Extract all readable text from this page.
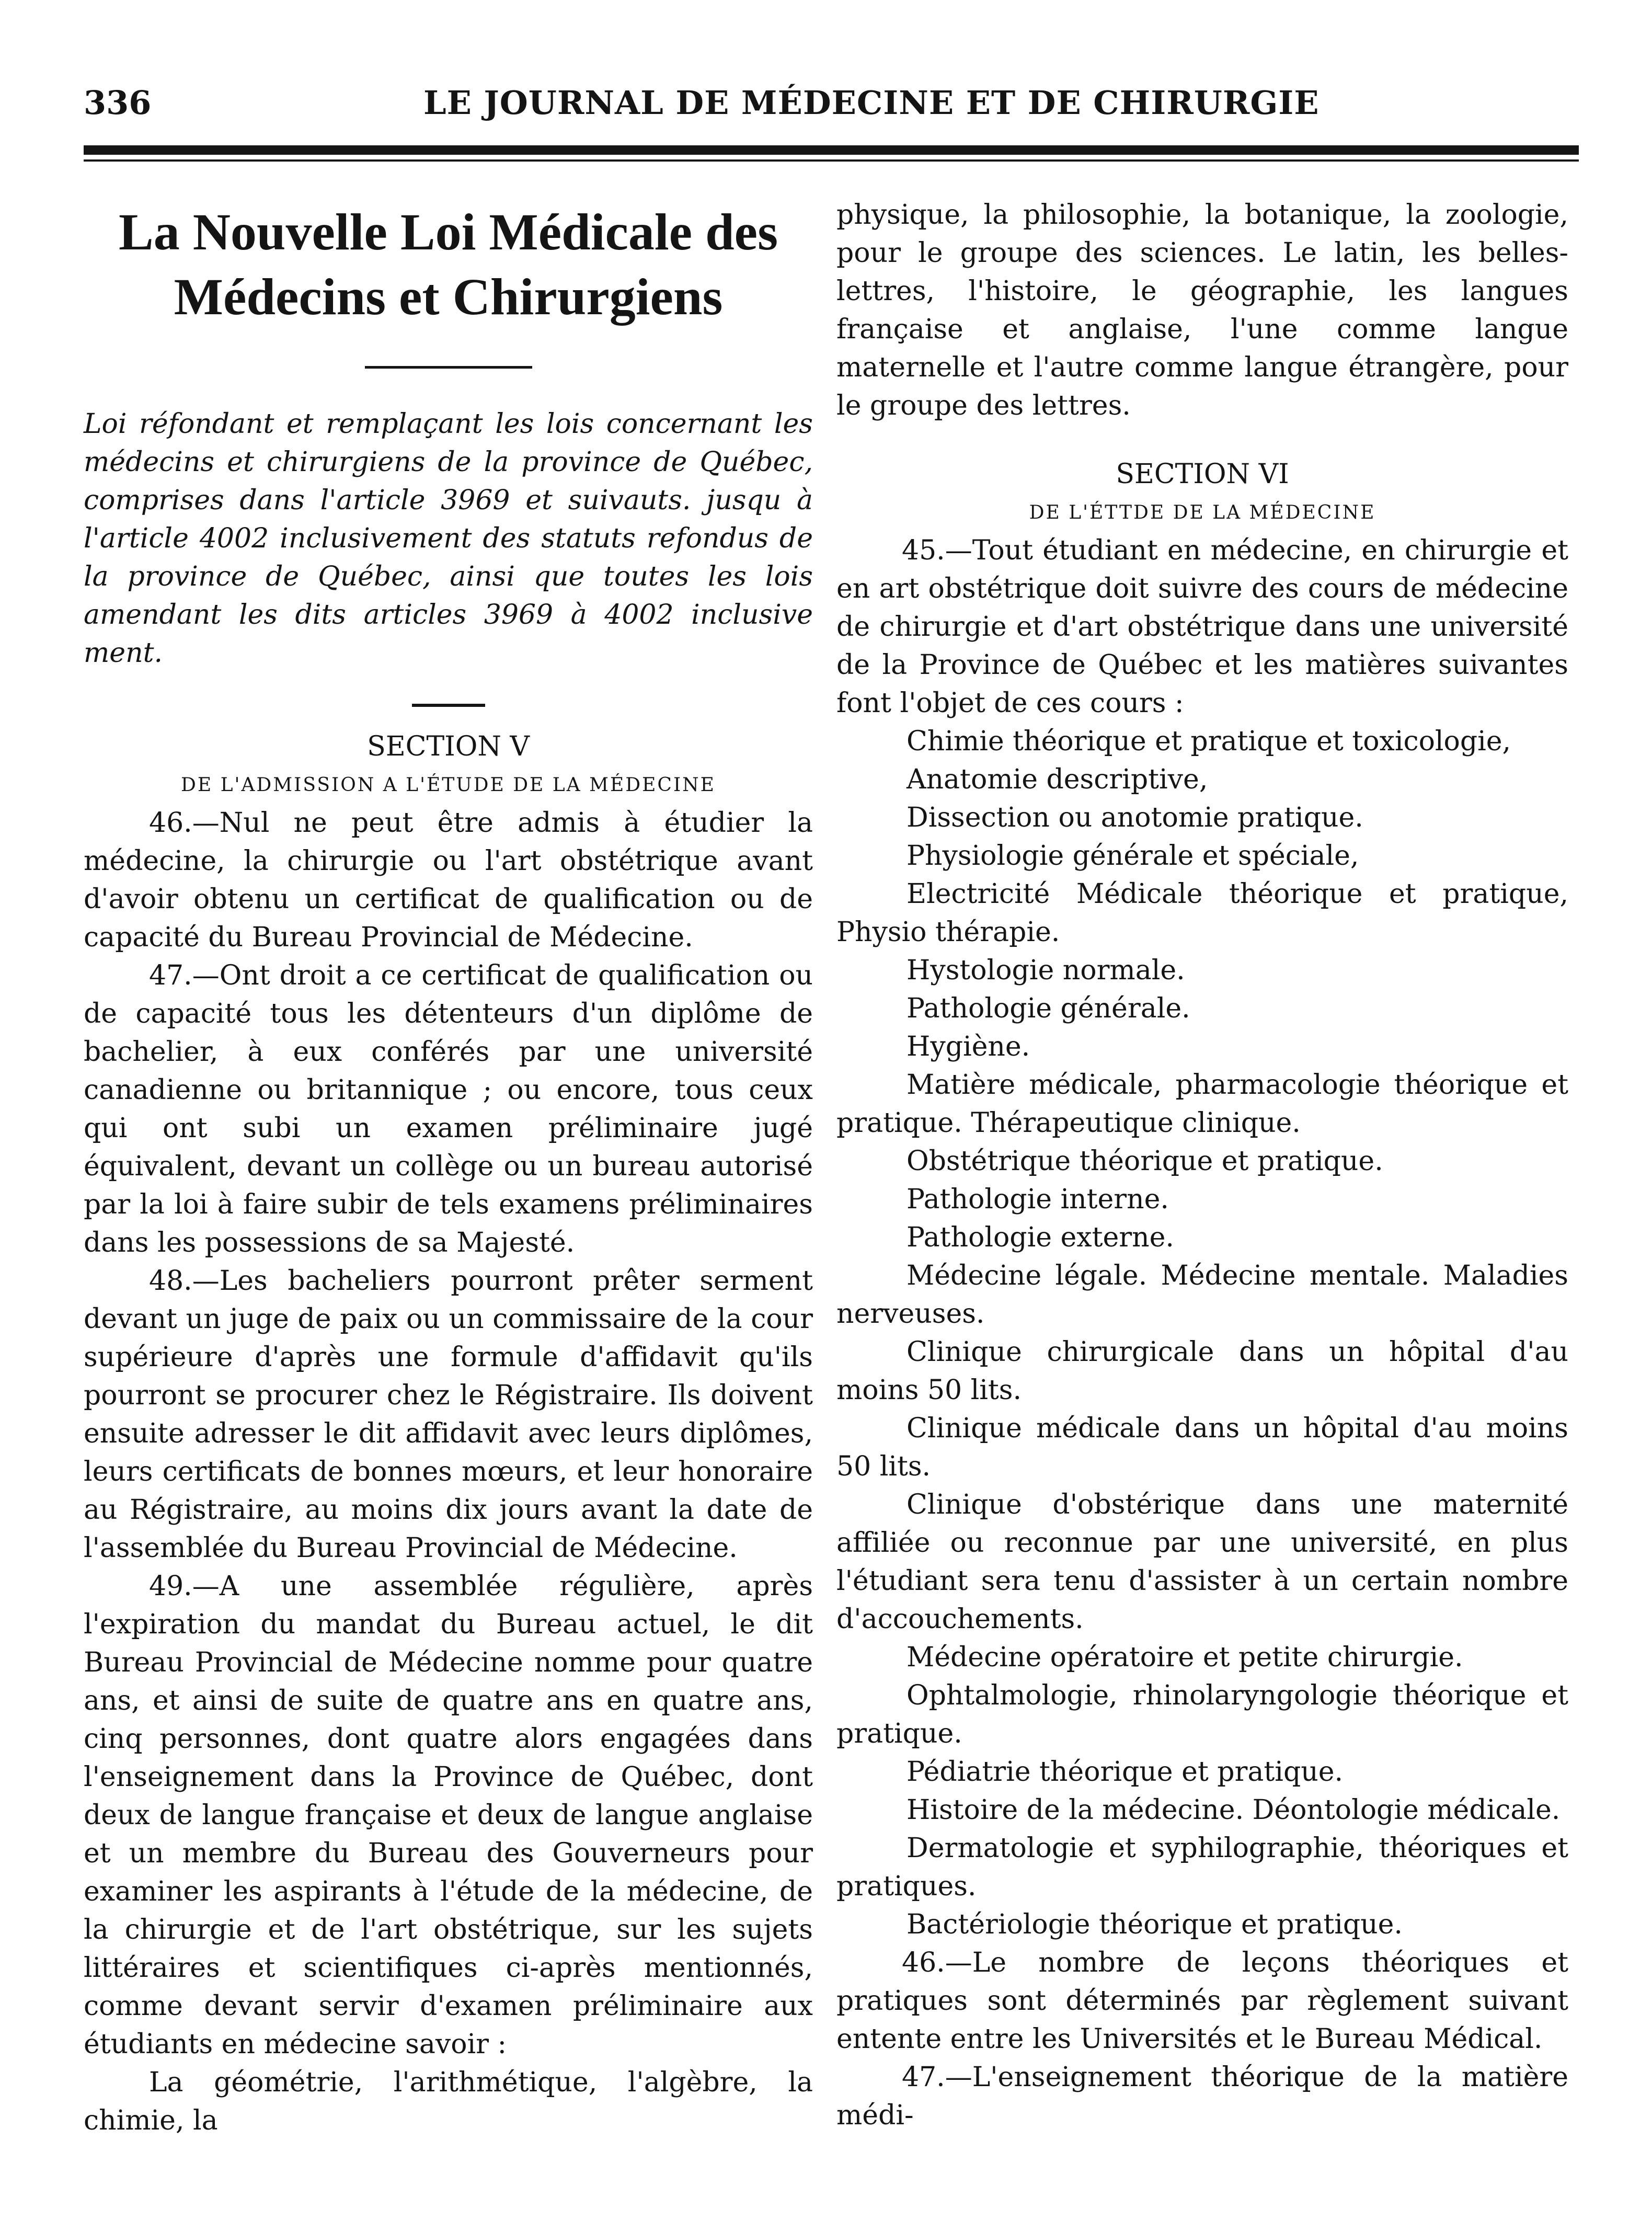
336	LE JOURNAL DE MÉDECINE ET DE CHIRURGIE
La Nouvelle Loi Médicale des Médecins et Chirurgiens

Loi réfondant et remplaçant les lois concernant les médecins et chirurgiens de la province de Québec, comprises dans l'article 3969 et suivauts. jusqu à l'article 4002 inclusivement des statuts refondus de la province de Québec, ainsi que toutes les lois amendant les dits articles 3969 à 4002 inclusive ment.

SECTION V

DE L'ADMISSION A L'ÉTUDE DE LA MÉDECINE

46.—Nul ne peut être admis à étudier la médecine, la chirurgie ou l'art obstétrique avant d'avoir obtenu un certificat de qualification ou de capacité du Bureau Provincial de Médecine.

47.—Ont droit a ce certificat de qualification ou de capacité tous les détenteurs d'un diplôme de bachelier, à eux conférés par une université canadienne ou britannique ; ou encore, tous ceux qui ont subi un examen préliminaire jugé équivalent, devant un collège ou un bureau autorisé par la loi à faire subir de tels examens préliminaires dans les possessions de sa Majesté.

48.—Les bacheliers pourront prêter serment devant un juge de paix ou un commissaire de la cour supérieure d'après une formule d'affidavit qu'ils pourront se procurer chez le Régistraire. Ils doivent ensuite adresser le dit affidavit avec leurs diplômes, leurs certificats de bonnes mœurs, et leur honoraire au Régistraire, au moins dix jours avant la date de l'assemblée du Bureau Provincial de Médecine.

49.—A une assemblée régulière, après l'expiration du mandat du Bureau actuel, le dit Bureau Provincial de Médecine nomme pour quatre ans, et ainsi de suite de quatre ans en quatre ans, cinq personnes, dont quatre alors engagées dans l'enseignement dans la Province de Québec, dont deux de langue française et deux de langue anglaise et un membre du Bureau des Gouverneurs pour examiner les aspirants à l'étude de la médecine, de la chirurgie et de l'art obstétrique, sur les sujets littéraires et scientifiques ci-après mentionnés, comme devant servir d'examen préliminaire aux étudiants en médecine savoir :

La géométrie, l'arithmétique, l'algèbre, la chimie, la

physique, la philosophie, la botanique, la zoologie, pour le groupe des sciences. Le latin, les belles-lettres, l'histoire, le géographie, les langues française et anglaise, l'une comme langue maternelle et l'autre comme langue étrangère, pour le groupe des lettres.

SECTION VI

DE L'ÉTTDE DE LA MÉDECINE

45.—Tout étudiant en médecine, en chirurgie et en art obstétrique doit suivre des cours de médecine de chirurgie et d'art obstétrique dans une université de la Province de Québec et les matières suivantes font l'objet de ces cours :

Chimie théorique et pratique et toxicologie,

Anatomie descriptive,

Dissection ou anotomie pratique.

Physiologie générale et spéciale,

Electricité Médicale théorique et pratique, Physio thérapie.

Hystologie normale.

Pathologie générale.

Hygiène.

Matière médicale, pharmacologie théorique et pratique. Thérapeutique clinique.

Obstétrique théorique et pratique.

Pathologie interne.

Pathologie externe.

Médecine légale. Médecine mentale. Maladies nerveuses.

Clinique chirurgicale dans un hôpital d'au moins 50 lits.

Clinique médicale dans un hôpital d'au moins 50 lits.

Clinique d'obstérique dans une maternité affiliée ou reconnue par une université, en plus l'étudiant sera tenu d'assister à un certain nombre d'accouchements.

Médecine opératoire et petite chirurgie.

Ophtalmologie, rhinolaryngologie théorique et pratique.

Pédiatrie théorique et pratique.

Histoire de la médecine. Déontologie médicale.

Dermatologie et syphilographie, théoriques et pratiques.

Bactériologie théorique et pratique.

46.—Le nombre de leçons théoriques et pratiques sont déterminés par règlement suivant entente entre les Universités et le Bureau Médical.

47.—L'enseignement théorique de la matière médi-
